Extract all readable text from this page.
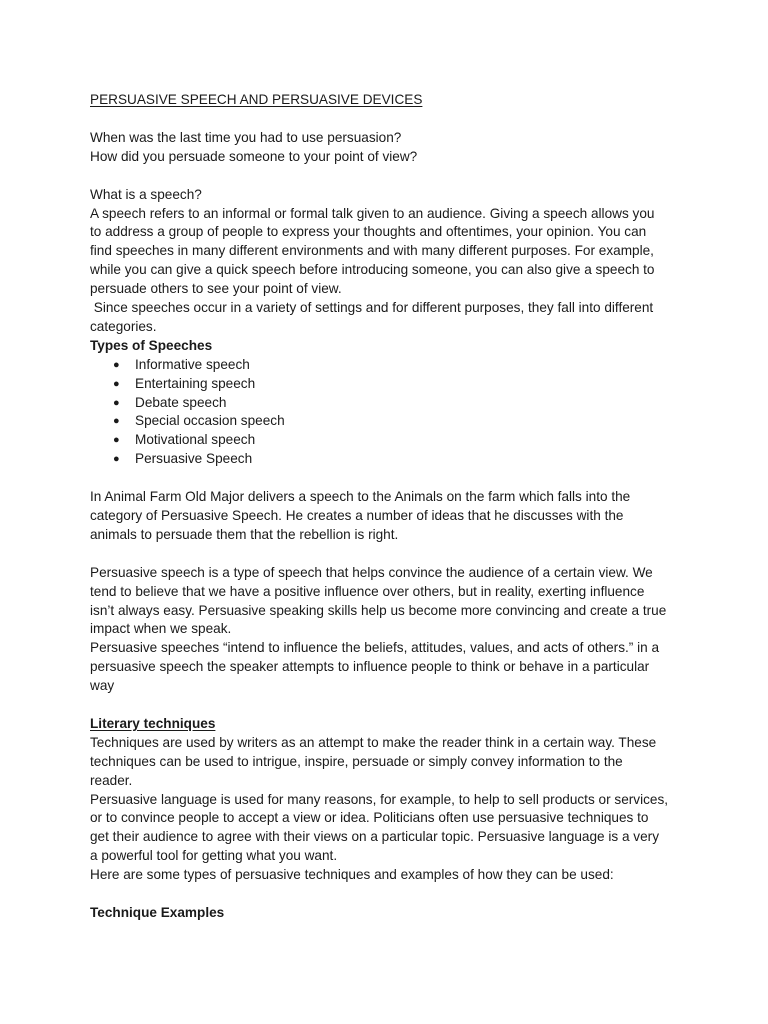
PERSUASIVE SPEECH AND PERSUASIVE DEVICES

When was the last time you had to use persuasion?

How did you persuade someone to your point of view?

What is a speech?

A speech refers to an informal or formal talk given to an audience. Giving a speech allows you

to address a group of people to express your thoughts and oftentimes, your opinion. You can

find speeches in many different environments and with many different purposes. For example,

while you can give a quick speech before introducing someone, you can also give a speech to

persuade others to see your point of view.

Since speeches occur in a variety of settings and for different purposes, they fall into different

categories.

Types of Speeches

● Informative speech
● Entertaining speech
● Debate speech
● Special occasion speech
● Motivational speech
● Persuasive Speech

In Animal Farm Old Major delivers a speech to the Animals on the farm which falls into the

category of Persuasive Speech. He creates a number of ideas that he discusses with the

animals to persuade them that the rebellion is right.

Persuasive speech is a type of speech that helps convince the audience of a certain view. We

tend to believe that we have a positive influence over others, but in reality, exerting influence

isn’t always easy. Persuasive speaking skills help us become more convincing and create a true

impact when we speak.

Persuasive speeches “intend to influence the beliefs, attitudes, values, and acts of others.” in a

persuasive speech the speaker attempts to influence people to think or behave in a particular

way

Literary techniques

Techniques are used by writers as an attempt to make the reader think in a certain way. These

techniques can be used to intrigue, inspire, persuade or simply convey information to the

reader.

Persuasive language is used for many reasons, for example, to help to sell products or services,

or to convince people to accept a view or idea. Politicians often use persuasive techniques to

get their audience to agree with their views on a particular topic. Persuasive language is a very

a powerful tool for getting what you want.

Here are some types of persuasive techniques and examples of how they can be used:

Technique Examples
